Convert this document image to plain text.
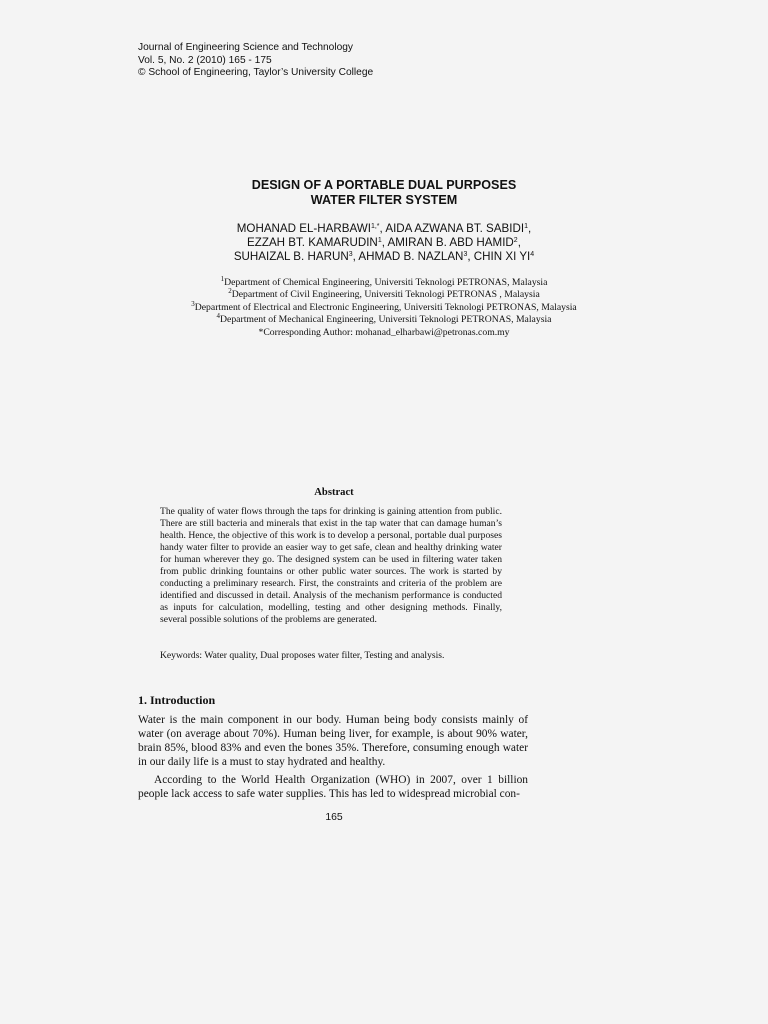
Journal of Engineering Science and Technology
Vol. 5, No. 2 (2010) 165 - 175
© School of Engineering, Taylor’s University College
DESIGN OF A PORTABLE DUAL PURPOSES
WATER FILTER SYSTEM
MOHANAD $EL-HARBAWI^{1,*}$, AIDA AZWANA BT. SABIDI$^1$,
EZZAH BT. KAMARUDIN$^1$, AMIRAN B. ABD HAMID$^2$,
SUHAIZAL B. HARUN$^3$, AHMAD B. NAZLAN$^3$, CHIN XI $YI^4$
$^1$Department of Chemical Engineering, Universiti Teknologi PETRONAS, Malaysia
$^2$Department of Civil Engineering, Universiti Teknologi PETRONAS , Malaysia
$^3$Department of Electrical and Electronic Engineering, Universiti Teknologi PETRONAS, Malaysia
$^4$Department of Mechanical Engineering, Universiti Teknologi PETRONAS, Malaysia
*Corresponding Author: mohanad_elharbawi@petronas.com.my
Abstract
The quality of water flows through the taps for drinking is gaining attention from public. There are still bacteria and minerals that exist in the tap water that can damage human’s health. Hence, the objective of this work is to develop a personal, portable dual purposes handy water filter to provide an easier way to get safe, clean and healthy drinking water for human wherever they go. The designed system can be used in filtering water taken from public drinking fountains or other public water sources. The work is started by conducting a preliminary research. First, the constraints and criteria of the problem are identified and discussed in detail. Analysis of the mechanism performance is conducted as inputs for calculation, modelling, testing and other designing methods. Finally, several possible solutions of the problems are generated.
Keywords: Water quality, Dual proposes water filter, Testing and analysis.
1. Introduction

Water is the main component in our body. Human being body consists mainly of water (on average about 70%). Human being liver, for example, is about 90% water, brain 85%, blood 83% and even the bones 35%. Therefore, consuming enough water in our daily life is a must to stay hydrated and healthy.

According to the World Health Organization (WHO) in 2007, over 1 billion people lack access to safe water supplies. This has led to widespread microbial con-

165
